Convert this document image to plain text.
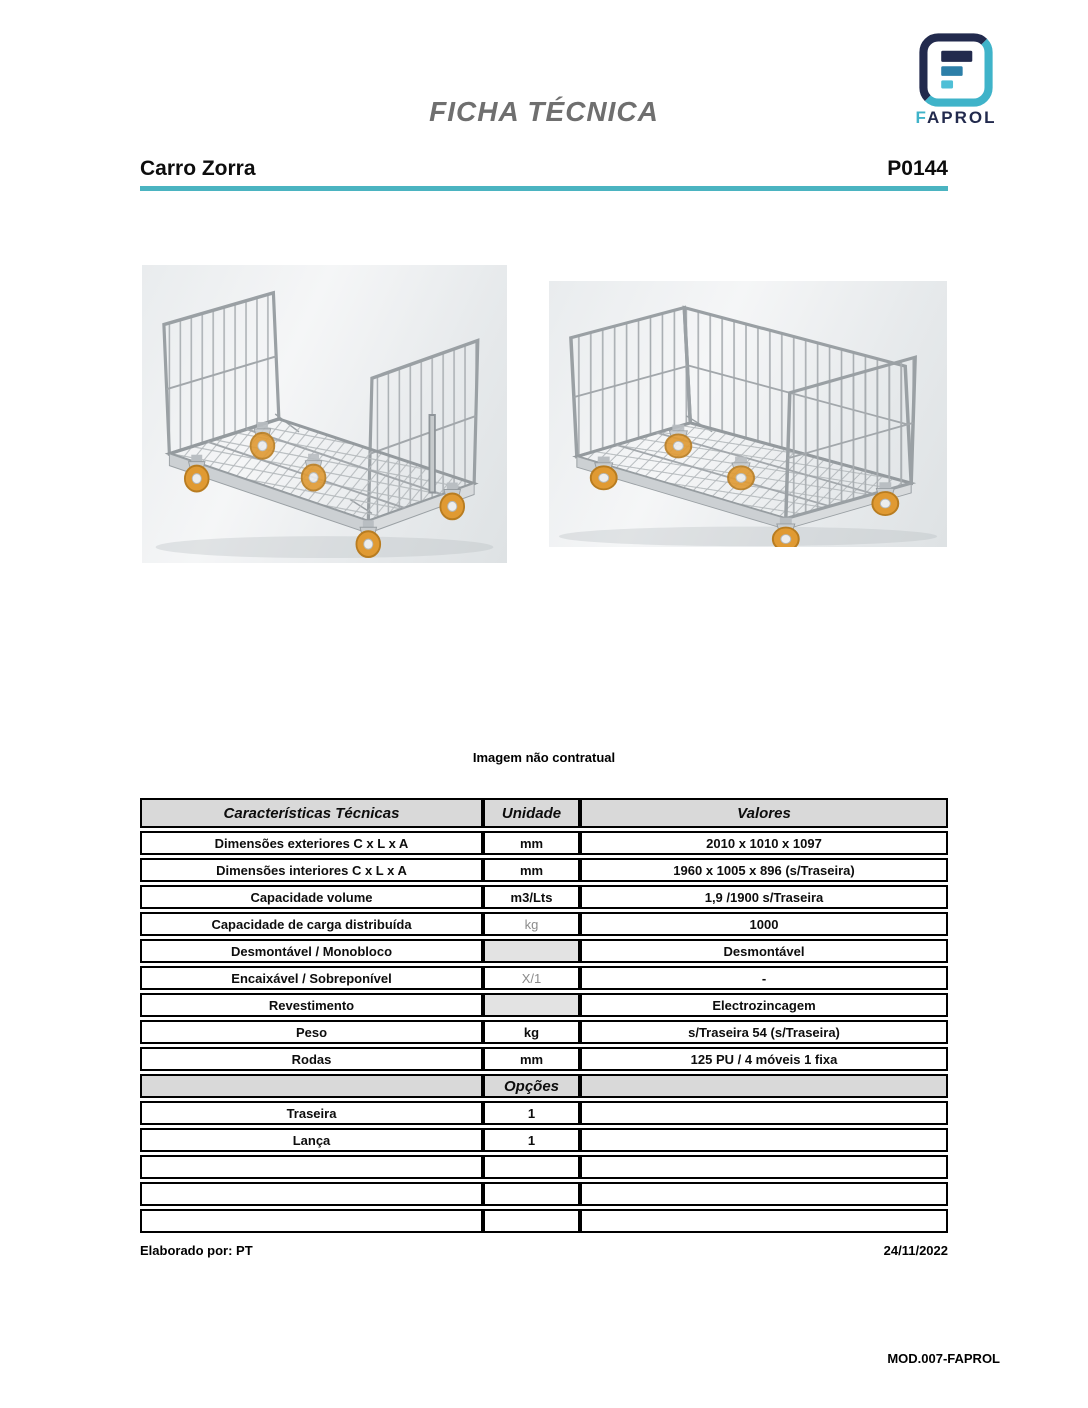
FAPROL
FICHA TÉCNICA
Carro Zorra	P0144
Imagem não contratual
Características Técnicas	Unidade	Valores
Dimensões exteriores C x L x A	mm	2010 x 1010 x 1097
Dimensões interiores C x L x A	mm	1960 x 1005 x 896 (s/Traseira)
Capacidade volume	m3/Lts	1,9 /1900 s/Traseira
Capacidade de carga distribuída	kg	1000
Desmontável / Monobloco		Desmontável
Encaixável / Sobreponível	X/1	-
Revestimento		Electrozincagem
Peso	kg	s/Traseira 54 (s/Traseira)
Rodas	mm	125 PU / 4 móveis 1 fixa
	Opções	
Traseira	1	
Lança	1	

Elaborado por: PT	24/11/2022
MOD.007-FAPROL
